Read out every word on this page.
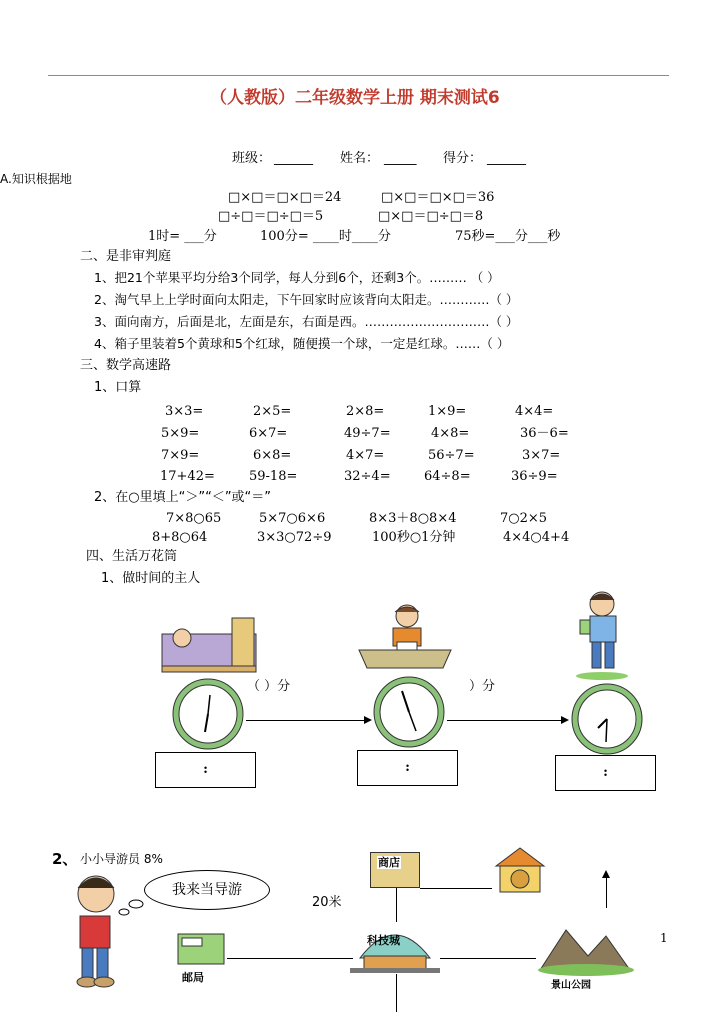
（人教版）二年级数学上册 期末测试6
班级： ______ 姓名： _____ 得分： ______
A.知识根据地
□×□＝□×□＝24	□×□＝□×□＝36
□÷□＝□÷□＝5	□×□＝□÷□＝8
1时= ___分	100分= ____时____分	75秒=___分___秒
二、是非审判庭
1、把21个苹果平均分给3个同学，每人分到6个，还剩3个。……… （ ）
2、淘气早上上学时面向太阳走，下午回家时应该背向太阳走。…………（ ）
3、面向南方，后面是北，左面是东，右面是西。…………………………（ ）
4、箱子里装着5个黄球和5个红球，随便摸一个球，一定是红球。……（ ）
三、数学高速路
1、口算
3×3=	2×5=	2×8=	1×9=	4×4=
5×9=	6×7=	49÷7=	4×8=	36－6=
7×9=	6×8=	4×7=	56÷7=	3×7=
17+42=	59-18=	32÷4=	64÷8=	36÷9=
2、在○里填上“＞”“＜”或“＝”
7×8○65	5×7○6×6	8×3＋8○8×4	7○2×5
8+8○64	3×3○72÷9	100秒○1分钟	4×4○4+4
四、生活万花筒
1、做时间的主人
（ ）分	）分
:	:	:
2、 小小导游员 8%
我来当导游
20米
商店
科技城
邮局
景山公园
1
